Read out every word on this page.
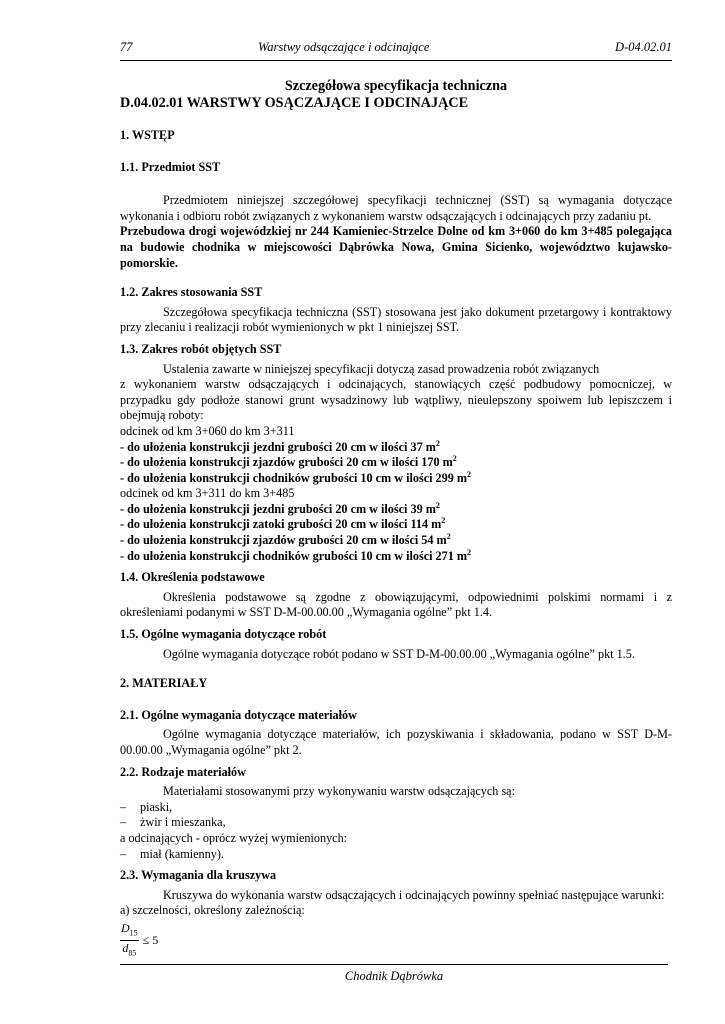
77	Warstwy odsączające i odcinające	D-04.02.01

Szczegółowa specyfikacja techniczna

D.04.02.01 WARSTWY OSĄCZAJĄCE I ODCINAJĄCE

1. WSTĘP

1.1. Przedmiot SST

Przedmiotem niniejszej szczegółowej specyfikacji technicznej (SST) są wymagania dotyczące wykonania i odbioru robót związanych z wykonaniem warstw odsączających i odcinających przy zadaniu pt.

Przebudowa drogi wojewódzkiej nr 244 Kamieniec-Strzelce Dolne od km 3+060 do km 3+485 polegająca na budowie chodnika w miejscowości Dąbrówka Nowa, Gmina Sicienko, województwo kujawsko-pomorskie.

1.2. Zakres stosowania SST

Szczegółowa specyfikacja techniczna (SST) stosowana jest jako dokument przetargowy i kontraktowy przy zlecaniu i realizacji robót wymienionych w pkt 1 niniejszej SST.

1.3. Zakres robót objętych SST

Ustalenia zawarte w niniejszej specyfikacji dotyczą zasad prowadzenia robót związanych

z wykonaniem warstw odsączających i odcinających, stanowiących część podbudowy pomocniczej, w przypadku gdy podłoże stanowi grunt wysadzinowy lub wątpliwy, nieulepszony spoiwem lub lepiszczem i obejmują roboty:

odcinek od km 3+060 do km 3+311

- do ułożenia konstrukcji jezdni grubości 20 cm w ilości 37 $m^2$

- do ułożenia konstrukcji zjazdów grubości 20 cm w ilości 170 $m^2$

- do ułożenia konstrukcji chodników grubości 10 cm w ilości 299 $m^2$

odcinek od km 3+311 do km 3+485

- do ułożenia konstrukcji jezdni grubości 20 cm w ilości 39 $m^2$

- do ułożenia konstrukcji zatoki grubości 20 cm w ilości 114 $m^2$

- do ułożenia konstrukcji zjazdów grubości 20 cm w ilości 54 $m^2$

- do ułożenia konstrukcji chodników grubości 10 cm w ilości 271 $m^2$

1.4. Określenia podstawowe

Określenia podstawowe są zgodne z obowiązującymi, odpowiednimi polskimi normami i z określeniami podanymi w SST D-M-00.00.00 „Wymagania ogólne” pkt 1.4.

1.5. Ogólne wymagania dotyczące robót

Ogólne wymagania dotyczące robót podano w SST D-M-00.00.00 „Wymagania ogólne” pkt 1.5.

2. MATERIAŁY

2.1. Ogólne wymagania dotyczące materiałów

Ogólne wymagania dotyczące materiałów, ich pozyskiwania i składowania, podano w SST D-M-00.00.00 „Wymagania ogólne” pkt 2.

2.2. Rodzaje materiałów

Materiałami stosowanymi przy wykonywaniu warstw odsączających są:

–	piaski,
–	żwir i mieszanka,

a odcinających - oprócz wyżej wymienionych:

–	miał (kamienny).

2.3. Wymagania dla kruszywa

Kruszywa do wykonania warstw odsączających i odcinających powinny spełniać następujące warunki:

a) szczelności, określony zależnością:

$\frac{D_{15}}{d_{85}} \le 5$
Chodnik Dąbrówka
